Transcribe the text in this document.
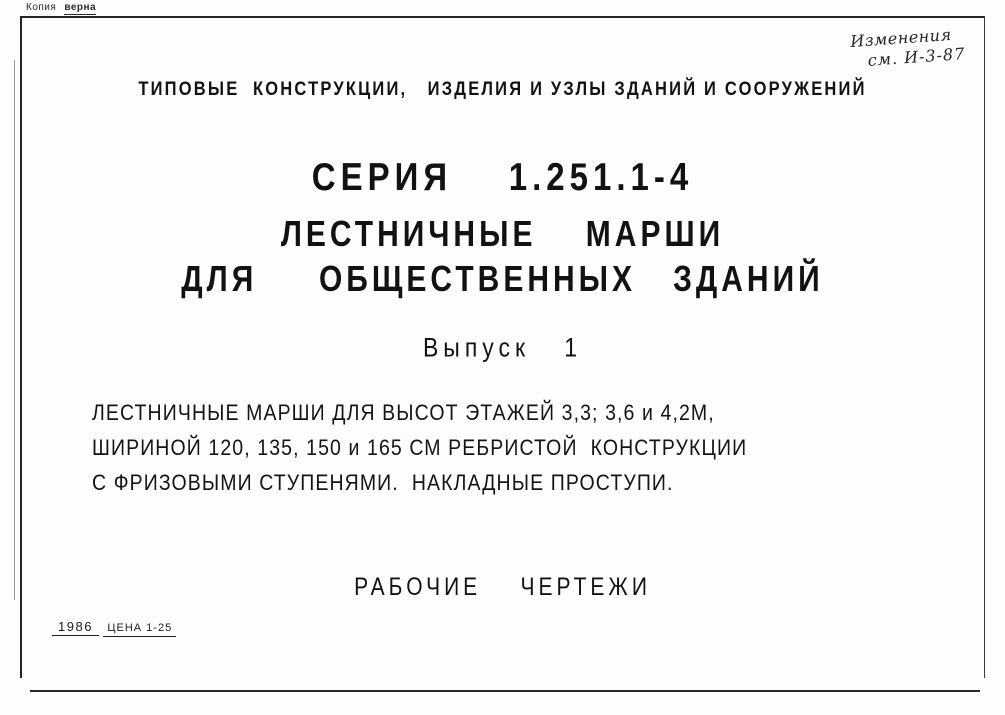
Копия верна
Изменения
см. И-3-87
ТИПОВЫЕ  КОНСТРУКЦИИ,   ИЗДЕЛИЯ И УЗЛЫ ЗДАНИЙ И СООРУЖЕНИЙ
СЕРИЯ    1.251.1-4
ЛЕСТНИЧНЫЕ    МАРШИ
ДЛЯ     ОБЩЕСТВЕННЫХ   ЗДАНИЙ
Выпуск   1
ЛЕСТНИЧНЫЕ МАРШИ ДЛЯ ВЫСОТ ЭТАЖЕЙ 3,3; 3,6 и 4,2М,
ШИРИНОЙ 120, 135, 150 и 165 СМ РЕБРИСТОЙ  КОНСТРУКЦИИ
С ФРИЗОВЫМИ СТУПЕНЯМИ.  НАКЛАДНЫЕ ПРОСТУПИ.
РАБОЧИЕ    ЧЕРТЕЖИ
1986 ЦЕНА 1-25
